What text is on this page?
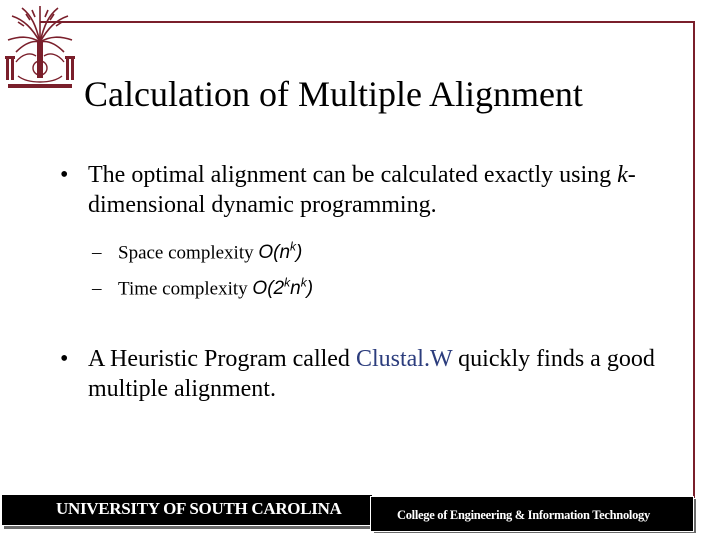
Calculation of Multiple Alignment
• The optimal alignment can be calculated exactly using k-dimensional dynamic programming.
– Space complexity $O(n^k)$
– Time complexity $O(2^kn^k)$
• A Heuristic Program called Clustal.W quickly finds a good multiple alignment.
UNIVERSITY OF SOUTH CAROLINA	College of Engineering & Information Technology
